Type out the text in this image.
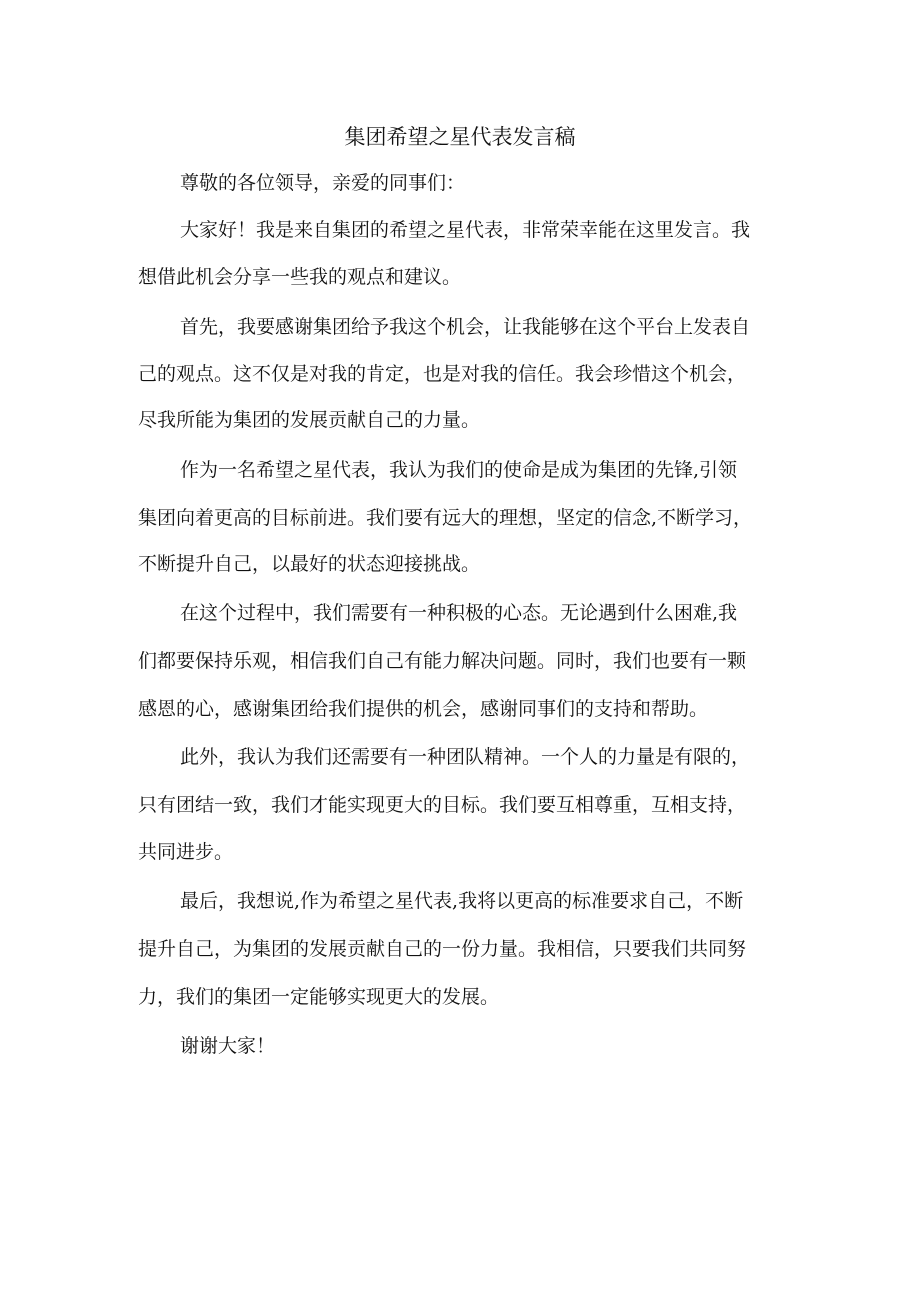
集团希望之星代表发言稿
尊敬的各位领导，亲爱的同事们：
大家好！我是来自集团的希望之星代表，非常荣幸能在这里发言。我
想借此机会分享一些我的观点和建议。
首先，我要感谢集团给予我这个机会，让我能够在这个平台上发表自
己的观点。这不仅是对我的肯定，也是对我的信任。我会珍惜这个机会，
尽我所能为集团的发展贡献自己的力量。
作为一名希望之星代表，我认为我们的使命是成为集团的先锋,引领
集团向着更高的目标前进。我们要有远大的理想，坚定的信念,不断学习，
不断提升自己，以最好的状态迎接挑战。
在这个过程中，我们需要有一种积极的心态。无论遇到什么困难,我
们都要保持乐观，相信我们自己有能力解决问题。同时，我们也要有一颗
感恩的心，感谢集团给我们提供的机会，感谢同事们的支持和帮助。
此外，我认为我们还需要有一种团队精神。一个人的力量是有限的，
只有团结一致，我们才能实现更大的目标。我们要互相尊重，互相支持，
共同进步。
最后，我想说,作为希望之星代表,我将以更高的标准要求自己，不断
提升自己，为集团的发展贡献自己的一份力量。我相信，只要我们共同努
力，我们的集团一定能够实现更大的发展。
谢谢大家！
